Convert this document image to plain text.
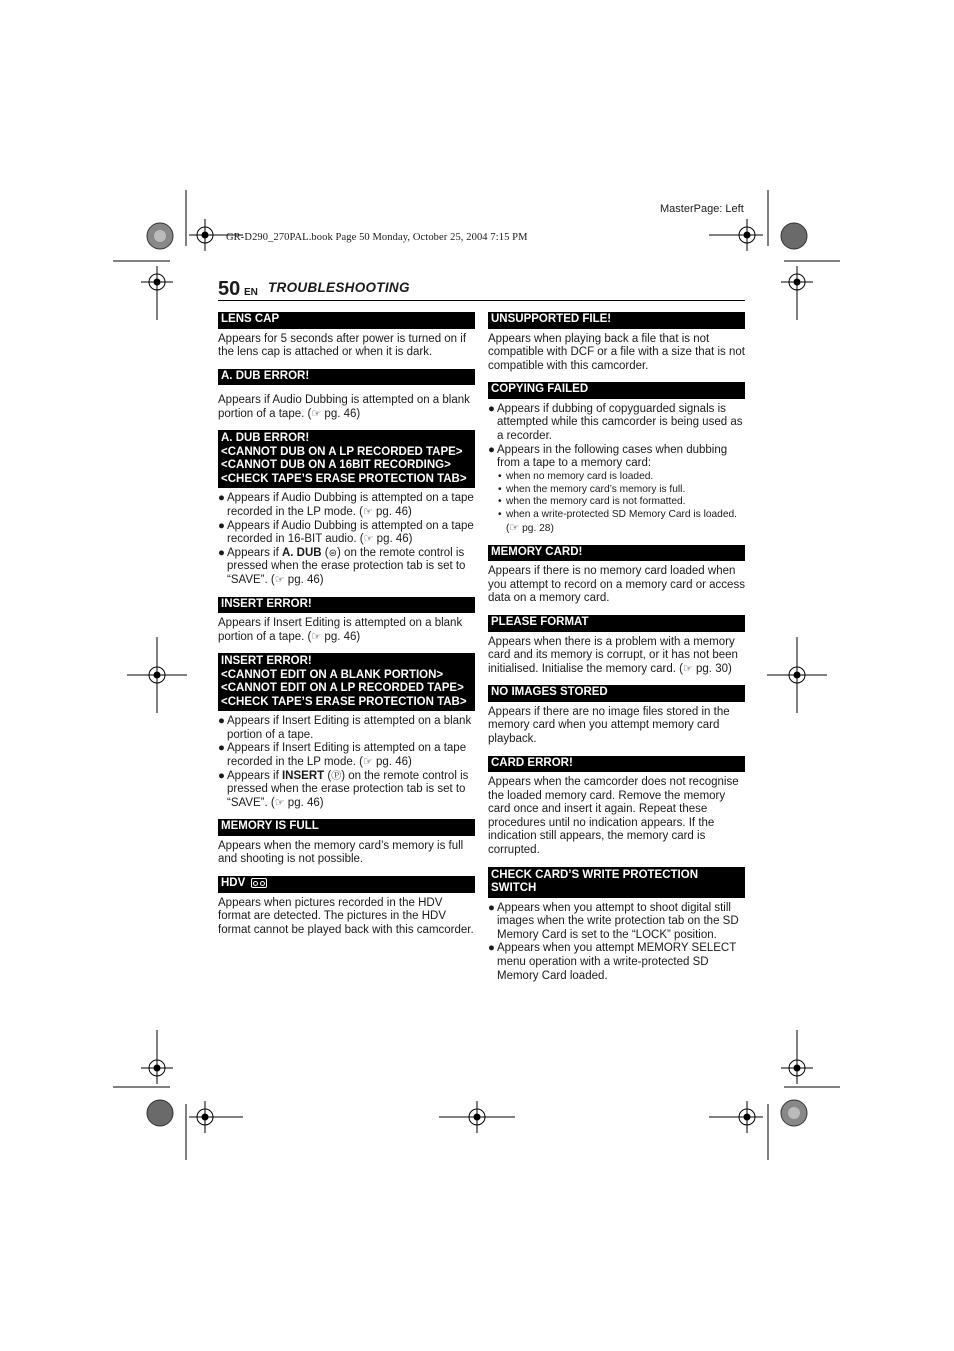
MasterPage: Left
GR-D290_270PAL.book Page 50 Monday, October 25, 2004 7:15 PM
50 EN TROUBLESHOOTING
LENS CAP
Appears for 5 seconds after power is turned on if the lens cap is attached or when it is dark.
A. DUB ERROR!
Appears if Audio Dubbing is attempted on a blank portion of a tape. (☞ pg. 46)
A. DUB ERROR!
<CANNOT DUB ON A LP RECORDED TAPE>
<CANNOT DUB ON A 16BIT RECORDING>
<CHECK TAPE’S ERASE PROTECTION TAB>
● Appears if Audio Dubbing is attempted on a tape recorded in the LP mode. (☞ pg. 46)
● Appears if Audio Dubbing is attempted on a tape recorded in 16-BIT audio. (☞ pg. 46)
● Appears if A. DUB (⊜) on the remote control is pressed when the erase protection tab is set to “SAVE”. (☞ pg. 46)
INSERT ERROR!
Appears if Insert Editing is attempted on a blank portion of a tape. (☞ pg. 46)
INSERT ERROR!
<CANNOT EDIT ON A BLANK PORTION>
<CANNOT EDIT ON A LP RECORDED TAPE>
<CHECK TAPE’S ERASE PROTECTION TAB>
● Appears if Insert Editing is attempted on a blank portion of a tape.
● Appears if Insert Editing is attempted on a tape recorded in the LP mode. (☞ pg. 46)
● Appears if INSERT (Ⓟ) on the remote control is pressed when the erase protection tab is set to “SAVE”. (☞ pg. 46)
MEMORY IS FULL
Appears when the memory card’s memory is full and shooting is not possible.
HDV
Appears when pictures recorded in the HDV format are detected. The pictures in the HDV format cannot be played back with this camcorder.
UNSUPPORTED FILE!
Appears when playing back a file that is not compatible with DCF or a file with a size that is not compatible with this camcorder.
COPYING FAILED
● Appears if dubbing of copyguarded signals is attempted while this camcorder is being used as a recorder.
● Appears in the following cases when dubbing from a tape to a memory card:
• when no memory card is loaded.
• when the memory card’s memory is full.
• when the memory card is not formatted.
• when a write-protected SD Memory Card is loaded. (☞ pg. 28)
MEMORY CARD!
Appears if there is no memory card loaded when you attempt to record on a memory card or access data on a memory card.
PLEASE FORMAT
Appears when there is a problem with a memory card and its memory is corrupt, or it has not been initialised. Initialise the memory card. (☞ pg. 30)
NO IMAGES STORED
Appears if there are no image files stored in the memory card when you attempt memory card playback.
CARD ERROR!
Appears when the camcorder does not recognise the loaded memory card. Remove the memory card once and insert it again. Repeat these procedures until no indication appears. If the indication still appears, the memory card is corrupted.
CHECK CARD’S WRITE PROTECTION SWITCH
● Appears when you attempt to shoot digital still images when the write protection tab on the SD Memory Card is set to the “LOCK” position.
● Appears when you attempt MEMORY SELECT menu operation with a write-protected SD Memory Card loaded.
